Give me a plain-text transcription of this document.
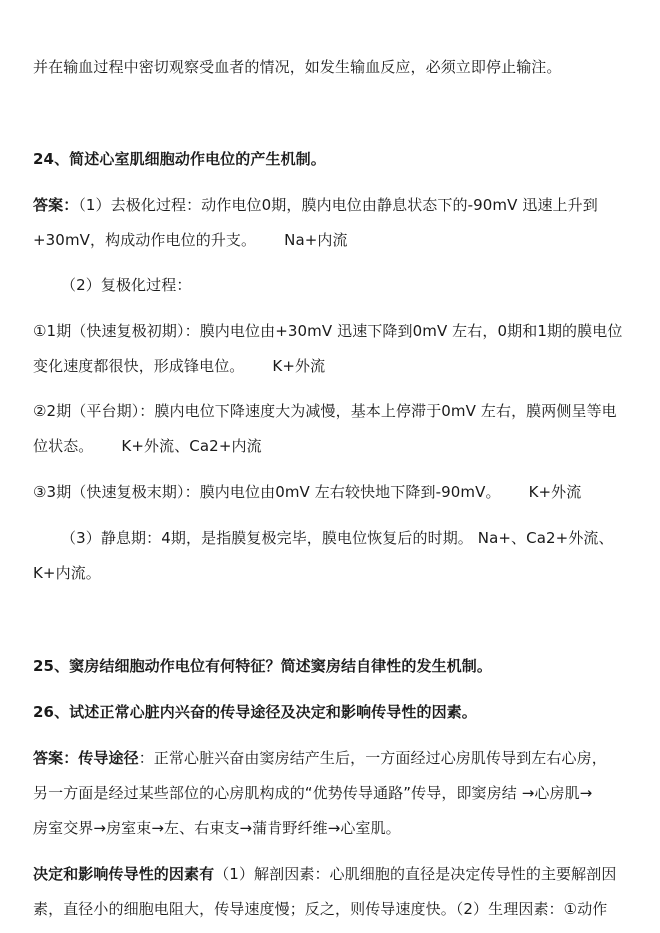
并在输血过程中密切观察受血者的情况，如发生输血反应，必须立即停止输注。
24、简述心室肌细胞动作电位的产生机制。
答案：（1）去极化过程：动作电位0期，膜内电位由静息状态下的-90mV 迅速上升到
+30mV，构成动作电位的升支。 Na+内流
（2）复极化过程：
①1期（快速复极初期）：膜内电位由+30mV 迅速下降到0mV 左右，0期和1期的膜电位
变化速度都很快，形成锋电位。 K+外流
②2期（平台期）：膜内电位下降速度大为减慢，基本上停滞于0mV 左右，膜两侧呈等电
位状态。 K+外流、Ca2+内流
③3期（快速复极末期）：膜内电位由0mV 左右较快地下降到-90mV。 K+外流
（3）静息期：4期，是指膜复极完毕，膜电位恢复后的时期。 Na+、Ca2+外流、
K+内流。
25、窦房结细胞动作电位有何特征？简述窦房结自律性的发生机制。
26、试述正常心脏内兴奋的传导途径及决定和影响传导性的因素。
答案：传导途径：正常心脏兴奋由窦房结产生后，一方面经过心房肌传导到左右心房，
另一方面是经过某些部位的心房肌构成的“优势传导通路”传导，即窦房结 →心房肌→
房室交界→房室束→左、右束支→蒲肯野纤维→心室肌。
决定和影响传导性的因素有（1）解剖因素：心肌细胞的直径是决定传导性的主要解剖因
素，直径小的细胞电阻大，传导速度慢；反之，则传导速度快。（2）生理因素：①动作
